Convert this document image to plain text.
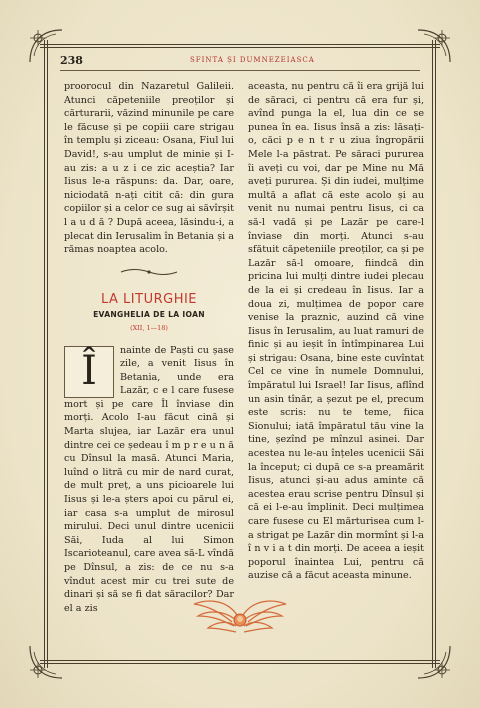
238	SFINTA ȘI DUMNEZEIASCA

proorocul din Nazaretul Galileii. Atunci căpeteniile preoților și cărturarii, văzind minunile pe care le făcuse și pe copiii care strigau în templu și ziceau: Osana, Fiul lui David!, s-au umplut de minie și I-au zis: a u z i ce zic aceștia? Iar Iisus le-a răspuns: da. Dar, oare, niciodată n-ați citit că: din gura copiilor și a celor ce sug ai săvîrșit l a u d ă ? După aceea, lăsindu-i, a plecat din Ierusalim în Betania și a rămas noaptea acolo.

LA LITURGHIE
EVANGHELIA DE LA IOAN
(XII, 1—18)
Î	nainte de Paști cu șase zile, a venit Iisus în Betania, unde era Lazăr, c e l care fusese mort și pe care Îl înviase din morți. Acolo I-au făcut cină și Marta slujea, iar Lazăr era unul dintre cei ce ședeau î m p r e u n ă cu Dînsul la masă. Atunci Maria, luînd o litră cu mir de nard curat, de mult preț, a uns picioarele lui Iisus și le-a șters apoi cu părul ei, iar casa s-a umplut de mirosul mirului. Deci unul dintre ucenicii Săi, Iuda al lui Simon Iscarioteanul, care avea să-L vîndă pe Dînsul, a zis: de ce nu s-a vîndut acest mir cu trei sute de dinari și să se fi dat săracilor? Dar el a zis

aceasta, nu pentru că îi era grijă lui de săraci, ci pentru că era fur și, avînd punga la el, lua din ce se punea în ea. Iisus însă a zis: lăsați-o, căci p e n t r u ziua îngropării Mele l-a păstrat. Pe săraci pururea îi aveți cu voi, dar pe Mine nu Mă aveți pururea. Și din iudei, mulțime multă a aflat că este acolo și au venit nu numai pentru Iisus, ci ca să-l vadă și pe Lazăr pe care-l înviase din morți. Atunci s-au sfătuit căpeteniile preoților, ca și pe Lazăr să-l omoare, fiindcă din pricina lui mulți dintre iudei plecau de la ei și credeau în Iisus. Iar a doua zi, mulțimea de popor care venise la praznic, auzind că vine Iisus în Ierusalim, au luat ramuri de finic și au ieșit în întîmpinarea Lui și strigau: Osana, bine este cuvîntat Cel ce vine în numele Domnului, împăratul lui Israel! Iar Iisus, aflînd un asin tînăr, a șezut pe el, precum este scris: nu te teme, fiica Sionului; iată împăratul tău vine la tine, șezînd pe mînzul asinei. Dar acestea nu le-au înțeles ucenicii Săi la început; ci după ce s-a preamărit Iisus, atunci și-au adus aminte că acestea erau scrise pentru Dînsul și că ei l-e-au împlinit. Deci mulțimea care fusese cu El mărturisea cum l-a strigat pe Lazăr din mormînt și l-a î n v i a t din morți. De aceea a ieșit poporul înaintea Lui, pentru că auzise că a făcut aceasta minune.
